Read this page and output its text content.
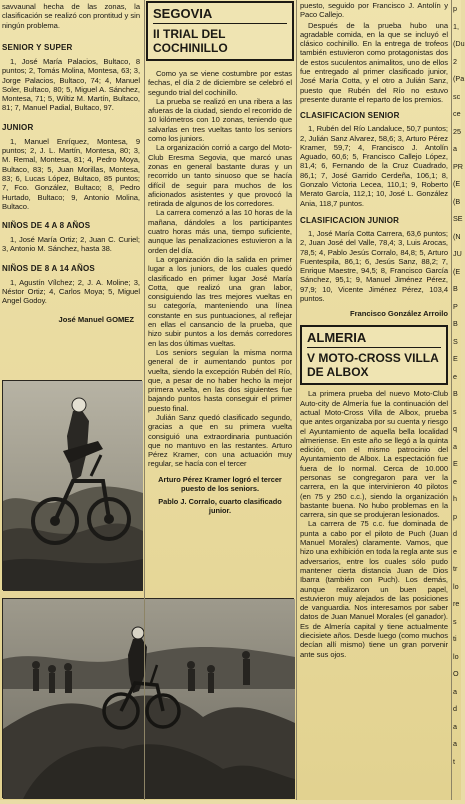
savvaunal hecha de las zonas, la clasificación se realizó con prontitud y sin ningún problema.

SENIOR Y SUPER

1, José María Palacios, Bultaco, 8 puntos; 2, Tomás Molina, Montesa, 63; 3, Jorge Palacios, Bultaco, 74; 4, Manuel Soler, Bultaco, 80; 5, Miguel A. Sánchez, Montesa, 71; 5, Wiltiz M. Martín, Bultaco, 81; 7, Manuel Padial, Bultaco, 97.

JUNIOR

1, Manuel Enríquez, Montesa, 9 puntos; 2, J. L. Martín, Montesa, 80; 3, M. Remal, Montesa, 81; 4, Pedro Moya, Bultaco, 83; 5, Juan Morillas, Montesa, 83; 6, Lucas López, Bultaco, 85 puntos; 7, Fco. González, Bultaco; 8, Pedro Hurtado, Bultaco; 9, Antonio Molina, Bultaco.

NIÑOS DE 4 A 8 AÑOS

1, José María Ortiz; 2, Juan C. Curiel; 3, Antonio M. Sánchez, hasta 38.

NIÑOS DE 8 A 14 AÑOS

1, Agustín Vílchez; 2, J. A. Moline; 3, Néstor Ortiz; 4, Carlos Moya; 5, Miguel Angel Godoy.

José Manuel GOMEZ
SEGOVIA
II TRIAL DEL COCHINILLO

Como ya se viene costumbre por estas fechas, el día 2 de diciembre se celebró el segundo trial del cochinillo.

La prueba se realizó en una ribera a las afueras de la ciudad, siendo el recorrido de 10 kilómetros con 10 zonas, teniendo que salvarlas en tres vueltas tanto los seniors como los juniors.

La organización corrió a cargo del Moto-Club Eresma Segovia, que marcó unas zonas en general bastante duras y un recorrido un tanto sinuoso que se hacía difícil de seguir para muchos de los aficionados asistentes y que provocó la retirada de algunos de los corredores.

La carrera comenzó a las 10 horas de la mañana, dándoles a los participantes cuatro horas más una, tiempo suficiente, aunque las penalizaciones estuvieron a la orden del día.

La organización dio la salida en primer lugar a los juniors, de los cuales quedó clasificado en primer lugar José María Cotta, que realizó una gran labor, consiguiendo las tres mejores vueltas en su categoría, manteniendo una línea constante en sus puntuaciones, al reflejar en ellas el cansancio de la prueba, que hizo subir puntos a los demás corredores en las dos últimas vueltas.

Los seniors seguían la misma norma general de ir aumentando puntos por vuelta, siendo la excepción Rubén del Río, que, a pesar de no haber hecho la mejor primera vuelta, en las dos siguientes fue bajando puntos hasta conseguir el primer puesto final.

Julián Sanz quedó clasificado segundo, gracias a que en su primera vuelta consiguió una extraordinaria puntuación que no mantuvo en las restantes. Arturo Pérez Kramer, con una actuación muy regular, se hacía con el tercer

Arturo Pérez Kramer logró el tercer puesto de los seniors.
Pablo J. Corralo, cuarto clasificado junior.

puesto, seguido por Francisco J. Antolín y Paco Callejo.

Después de la prueba hubo una agradable comida, en la que se incluyó el clásico cochinillo. En la entrega de trofeos también estuvieron como protagonistas dos de estos suculentos animalitos, uno de ellos fue entregado al primer clasificado junior, José María Cotta, y el otro a Julián Sanz, puesto que Rubén del Río no estuvo presente durante el reparto de los premios.

CLASIFICACION SENIOR

1, Rubén del Río Landaluce, 50,7 puntos; 2, Julián Sanz Alvarez, 58,6; 3, Arturo Pérez Kramer, 59,7; 4, Francisco J. Antolín Aguado, 60,6; 5, Francisco Callejo López, 81,4; 6, Fernando de la Cruz Cuadrado, 86,1; 7, José Garrido Cerdeña, 106,1; 8, Gonzalo Victoria Lecea, 110,1; 9, Roberto Merato García, 112,1; 10, José L. González Ania, 118,7 puntos.

CLASIFICACION JUNIOR

1, José María Cotta Carrera, 63,6 puntos; 2, Juan José del Valle, 78,4; 3, Luis Arocas, 78,5; 4, Pablo Jesús Corralo, 84,8; 5, Arturo Fuentespila, 86,1; 6, Jesús Sanz, 88,2; 7, Enrique Maestre, 94,5; 8, Francisco García Sánchez, 95,1; 9, Manuel Jiménez Pérez, 97,9; 10, Vicente Jiménez Pérez, 103,4 puntos.

Francisco González Arroilo
ALMERIA
V MOTO-CROSS VILLA DE ALBOX

La primera prueba del nuevo Moto-Club Auto-city de Almería fue la continuación del actual Moto-Cross Villa de Albox, prueba que antes organizaba por su cuenta y riesgo el Ayuntamiento de aquella bella localidad almeriense. En este año se llegó a la quinta edición, con el mismo patrocinio del Ayuntamiento de Albox. La espectación fue fuera de lo normal. Cerca de 10.000 personas se congregaron para ver la carrera, en la que intervinieron 40 pilotos (en 75 y 250 c.c.), siendo la organización bastante buena. No hubo problemas en la carrera, sin que se produjeran lesionados.

La carrera de 75 c.c. fue dominada de punta a cabo por el piloto de Puch (Juan Manuel Morales) claramente. Vamos, que hizo una exhibición en toda la regla ante sus adversarios, entre los cuales sólo pudo mantener cierta distancia Juan de Dios Ibarra (también con Puch). Los demás, aunque realizaron un buen papel, estuvieron muy alejados de las posiciones de vanguardia. Nos interesamos por saber datos de Juan Manuel Morales (el ganador). Es de Almería capital y tiene actualmente diecisiete años. Desde luego (como muchos decían allí mismo) tiene un gran porvenir ante sus ojos.

p
1,
(Du
2
(Pa
sc
ce
25
a
PR
(E
(B
SE
(N
JU
(E
B
P
B
S
E
e
B
s
q
a
E
e
h
p
d
e
tr
lo
re
s
ti
lo
O
a
d
a
a
t
